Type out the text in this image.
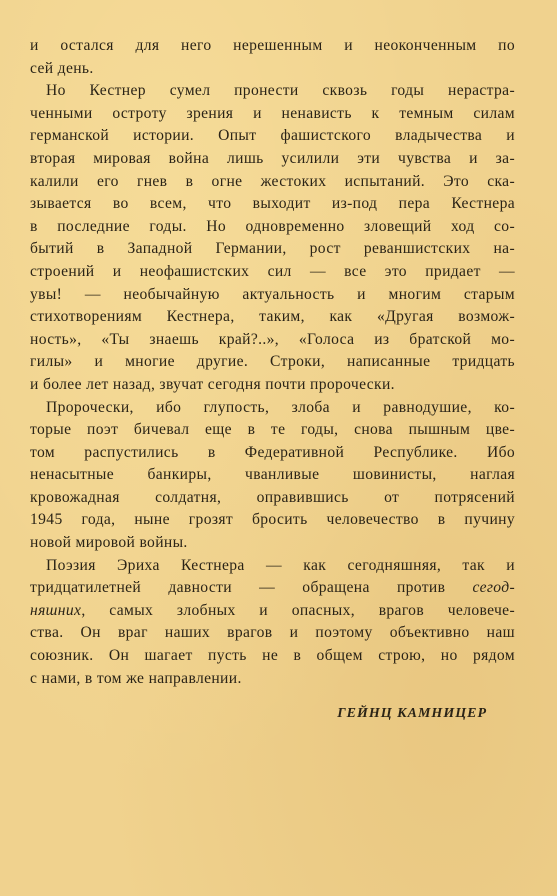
и остался для него нерешенным и неоконченным по
сей день.
Но Кестнер сумел пронести сквозь годы нерастра-
ченными остроту зрения и ненависть к темным силам
германской истории. Опыт фашистского владычества и
вторая мировая война лишь усилили эти чувства и за-
калили его гнев в огне жестоких испытаний. Это ска-
зывается во всем, что выходит из-под пера Кестнера
в последние годы. Но одновременно зловещий ход со-
бытий в Западной Германии, рост реваншистских на-
строений и неофашистских сил — все это придает —
увы! — необычайную актуальность и многим старым
стихотворениям Кестнера, таким, как «Другая возмож-
ность», «Ты знаешь край?..», «Голоса из братской мо-
гилы» и многие другие. Строки, написанные тридцать
и более лет назад, звучат сегодня почти пророчески.
Пророчески, ибо глупость, злоба и равнодушие, ко-
торые поэт бичевал еще в те годы, снова пышным цве-
том распустились в Федеративной Республике. Ибо
ненасытные банкиры, чванливые шовинисты, наглая
кровожадная солдатня, оправившись от потрясений
1945 года, ныне грозят бросить человечество в пучину
новой мировой войны.
Поэзия Эриха Кестнера — как сегодняшняя, так и
тридцатилетней давности — обращена против сегод-
няшних, самых злобных и опасных, врагов человече-
ства. Он враг наших врагов и поэтому объективно наш
союзник. Он шагает пусть не в общем строю, но рядом
с нами, в том же направлении.
ГЕЙНЦ КАМНИЦЕР
